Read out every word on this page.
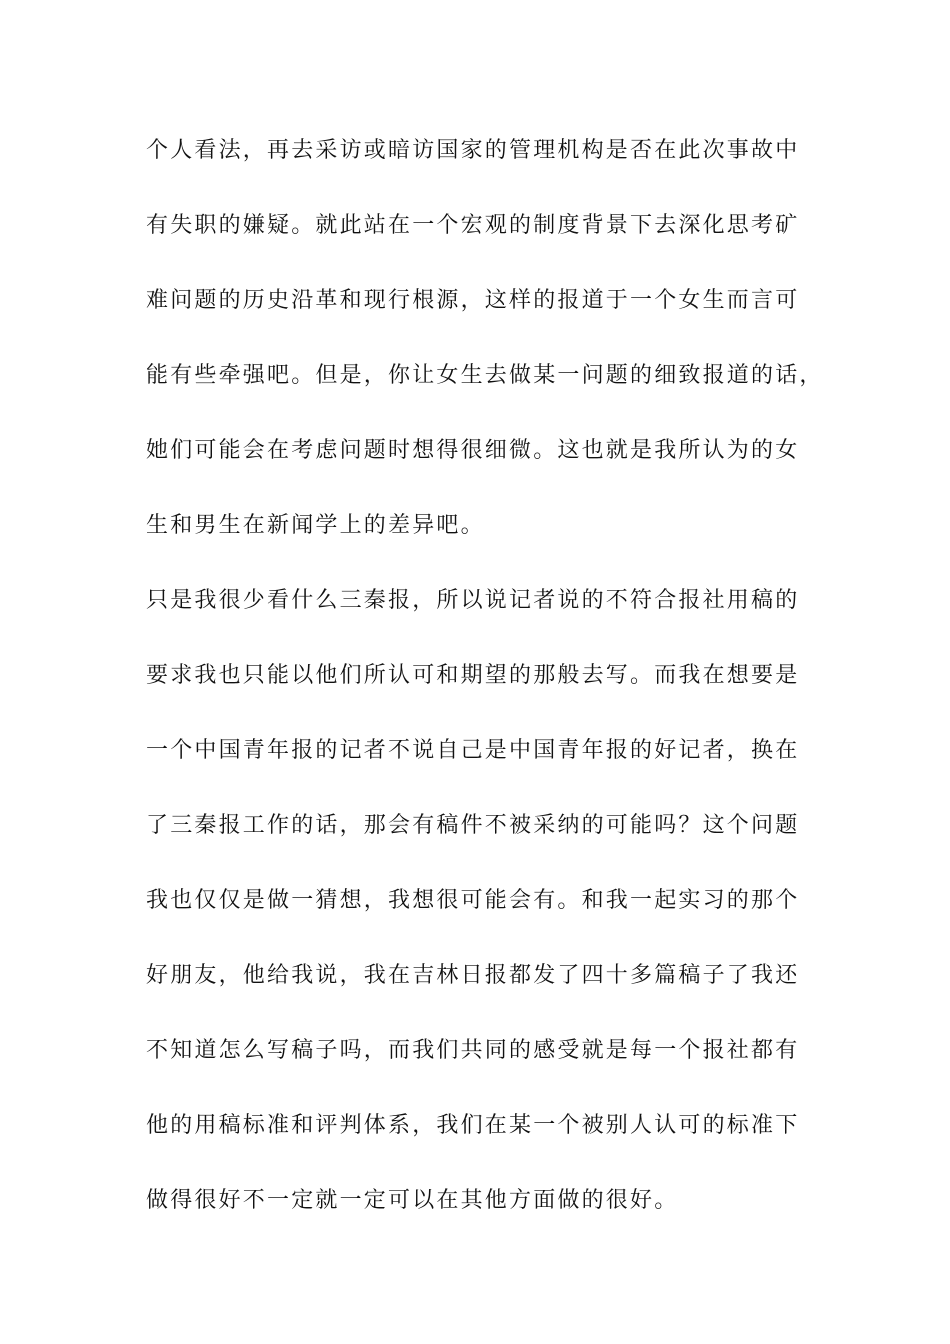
个人看法，再去采访或暗访国家的管理机构是否在此次事故中
有失职的嫌疑。就此站在一个宏观的制度背景下去深化思考矿
难问题的历史沿革和现行根源，这样的报道于一个女生而言可
能有些牵强吧。但是，你让女生去做某一问题的细致报道的话，
她们可能会在考虑问题时想得很细微。这也就是我所认为的女
生和男生在新闻学上的差异吧。
只是我很少看什么三秦报，所以说记者说的不符合报社用稿的
要求我也只能以他们所认可和期望的那般去写。而我在想要是
一个中国青年报的记者不说自己是中国青年报的好记者，换在
了三秦报工作的话，那会有稿件不被采纳的可能吗？这个问题
我也仅仅是做一猜想，我想很可能会有。和我一起实习的那个
好朋友，他给我说，我在吉林日报都发了四十多篇稿子了我还
不知道怎么写稿子吗，而我们共同的感受就是每一个报社都有
他的用稿标准和评判体系，我们在某一个被别人认可的标准下
做得很好不一定就一定可以在其他方面做的很好。
